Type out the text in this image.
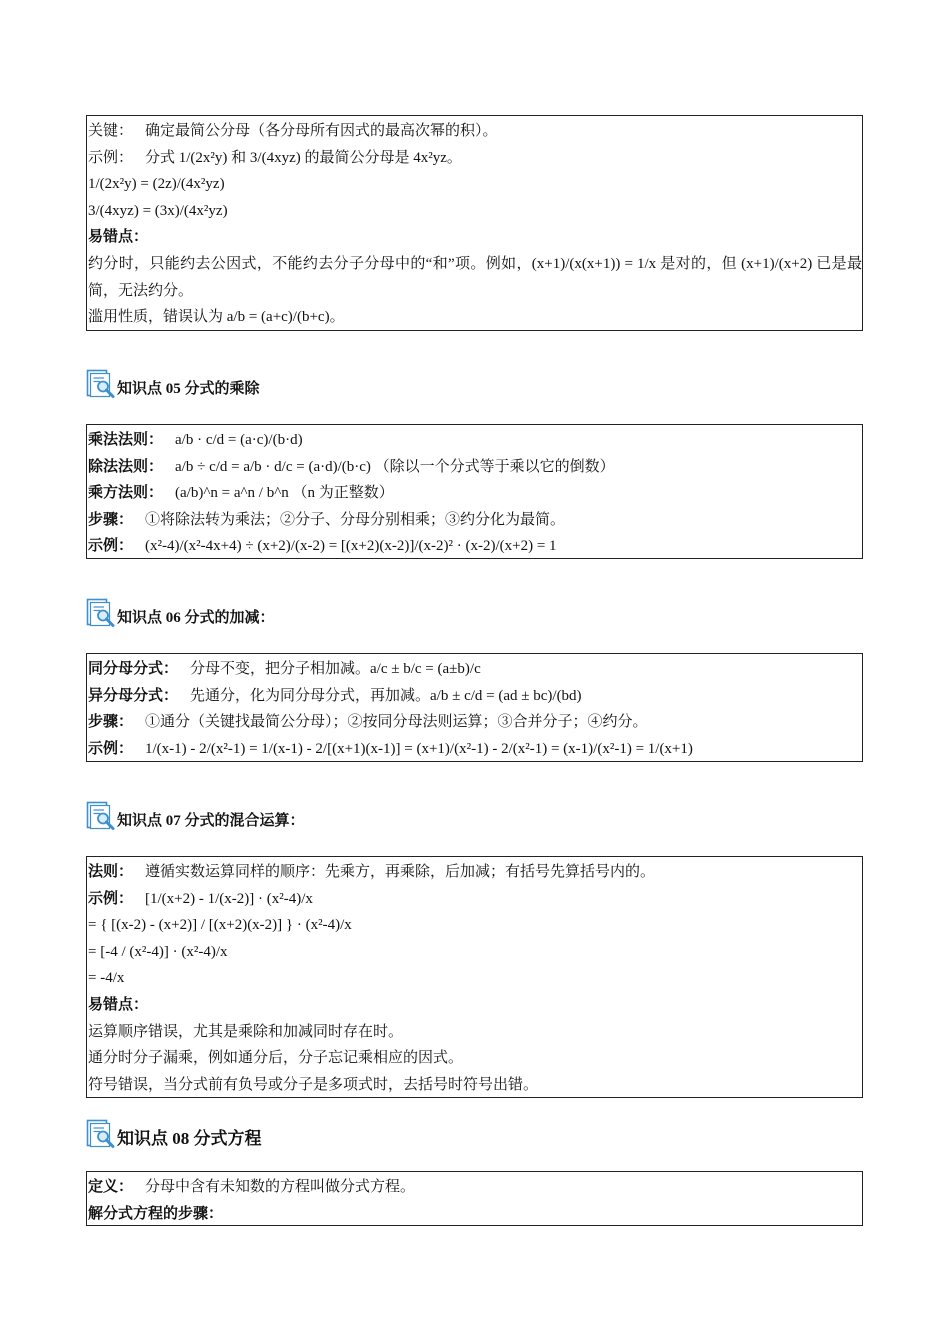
关键： 确定最简公分母（各分母所有因式的最高次幂的积）。
示例： 分式 1/(2x²y) 和 3/(4xyz) 的最简公分母是 4x²yz。
1/(2x²y) = (2z)/(4x²yz)
3/(4xyz) = (3x)/(4x²yz)
易错点：
约分时，只能约去公因式，不能约去分子分母中的“和”项。例如，(x+1)/(x(x+1)) = 1/x 是对的，但 (x+1)/(x+2) 已是最简，无法约分。
滥用性质，错误认为 a/b = (a+c)/(b+c)。
知识点 05 分式的乘除
乘法法则： a/b · c/d = (a·c)/(b·d)
除法法则： a/b ÷ c/d = a/b · d/c = (a·d)/(b·c) （除以一个分式等于乘以它的倒数）
乘方法则： (a/b)^n = a^n / b^n （n 为正整数）
步骤： ①将除法转为乘法；②分子、分母分别相乘；③约分化为最简。
示例： (x²-4)/(x²-4x+4) ÷ (x+2)/(x-2) = [(x+2)(x-2)]/(x-2)² · (x-2)/(x+2) = 1
知识点 06 分式的加减：
同分母分式： 分母不变，把分子相加减。a/c ± b/c = (a±b)/c
异分母分式： 先通分，化为同分母分式，再加减。a/b ± c/d = (ad ± bc)/(bd)
步骤： ①通分（关键找最简公分母）；②按同分母法则运算；③合并分子；④约分。
示例： 1/(x-1) - 2/(x²-1) = 1/(x-1) - 2/[(x+1)(x-1)] = (x+1)/(x²-1) - 2/(x²-1) = (x-1)/(x²-1) = 1/(x+1)
知识点 07 分式的混合运算：
法则： 遵循实数运算同样的顺序：先乘方，再乘除，后加减；有括号先算括号内的。
示例： [1/(x+2) - 1/(x-2)] · (x²-4)/x
= { [(x-2) - (x+2)] / [(x+2)(x-2)] } · (x²-4)/x
= [-4 / (x²-4)] · (x²-4)/x
= -4/x
易错点：
运算顺序错误，尤其是乘除和加减同时存在时。
通分时分子漏乘，例如通分后，分子忘记乘相应的因式。
符号错误，当分式前有负号或分子是多项式时，去括号时符号出错。
知识点 08 分式方程
定义： 分母中含有未知数的方程叫做分式方程。
解分式方程的步骤：
